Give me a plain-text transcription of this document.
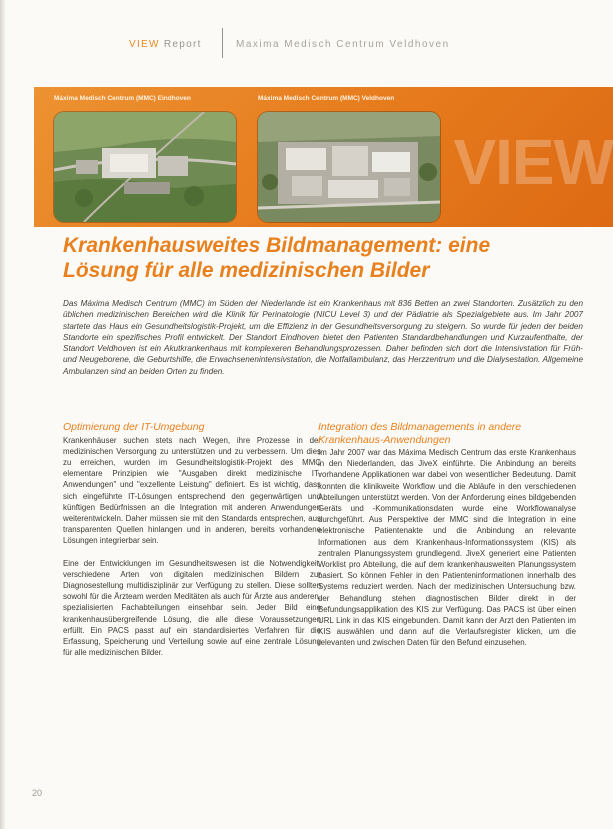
VIEW Report	Maxima Medisch Centrum Veldhoven
Máxima Medisch Centrum (MMC) Eindhoven	Máxima Medisch Centrum (MMC) Veldhoven
VIEW
Krankenhausweites Bildmanagement: eine Lösung für alle medizinischen Bilder
Das Máxima Medisch Centrum (MMC) im Süden der Niederlande ist ein Krankenhaus mit 836 Betten an zwei Standorten. Zusätzlich zu den üblichen medizinischen Bereichen wird die Klinik für Perinatologie (NICU Level 3) und der Pädiatrie als Spezialgebiete aus. Im Jahr 2007 startete das Haus ein Gesundheitslogistik-Projekt, um die Effizienz in der Gesundheitsversorgung zu steigern. So wurde für jeden der beiden Standorte ein spezifisches Profil entwickelt. Der Standort Eindhoven bietet den Patienten Standardbehandlungen und Kurzaufenthalte, der Standort Veldhoven ist ein Akutkrankenhaus mit komplexeren Behandlungsprozessen. Daher befinden sich dort die Intensivstation für Früh- und Neugeborene, die Geburtshilfe, die Erwachsenenintensivstation, die Notfallambulanz, das Herzzentrum und die Dialysestation. Allgemeine Ambulanzen sind an beiden Orten zu finden.
Optimierung der IT-Umgebung

Krankenhäuser suchen stets nach Wegen, ihre Prozesse in der medizinischen Versorgung zu unterstützen und zu verbessern. Um dies zu erreichen, wurden im Gesundheitslogistik-Projekt des MMC elementare Prinzipien wie "Ausgaben direkt medizinische IT-Anwendungen" und "exzellente Leistung" definiert. Es ist wichtig, dass sich eingeführte IT-Lösungen entsprechend den gegenwärtigen und künftigen Bedürfnissen an die Integration mit anderen Anwendungen weiterentwickeln. Daher müssen sie mit den Standards entsprechen, aus transparenten Quellen hinlangen und in anderen, bereits vorhandene Lösungen integrierbar sein.

Eine der Entwicklungen im Gesundheitswesen ist die Notwendigkeit, verschiedene Arten von digitalen medizinischen Bildern zur Diagnosestellung multidisziplinär zur Verfügung zu stellen. Diese sollten sowohl für die Ärzteam werden Meditäten als auch für Ärzte aus anderen, spezialisierten Fachabteilungen einsehbar sein. Jeder Bild eine krankenhausübergreifende Lösung, die alle diese Voraussetzungen erfüllt. Ein PACS passt auf ein standardisiertes Verfahren für die Erfassung, Speicherung und Verteilung sowie auf eine zentrale Lösung für alle medizinischen Bilder.

Integration des Bildmanagements in andere Krankenhaus-Anwendungen

Im Jahr 2007 war das Máxima Medisch Centrum das erste Krankenhaus in den Niederlanden, das JiveX einführte. Die Anbindung an bereits vorhandene Applikationen war dabei von wesentlicher Bedeutung. Damit konnten die klinikweite Workflow und die Abläufe in den verschiedenen Abteilungen unterstützt werden. Von der Anforderung eines bildgebenden Geräts und -Kommunikationsdaten wurde eine Workflowanalyse durchgeführt. Aus Perspektive der MMC sind die Integration in eine elektronische Patientenakte und die Anbindung an relevante Informationen aus dem Krankenhaus-Informationssystem (KIS) als zentralen Planungssystem grundlegend. JiveX generiert eine Patienten Worklist pro Abteilung, die auf dem krankenhausweiten Planungssystem basiert. So können Fehler in den Patienteninformationen innerhalb des Systems reduziert werden. Nach der medizinischen Untersuchung bzw. der Behandlung stehen diagnostischen Bilder direkt in der Befundungsapplikation des KIS zur Verfügung. Das PACS ist über einen URL Link in das KIS eingebunden. Damit kann der Arzt den Patienten im KIS auswählen und dann auf die Verlaufsregister klicken, um die relevanten und zwischen Daten für den Befund einzusehen.

20
